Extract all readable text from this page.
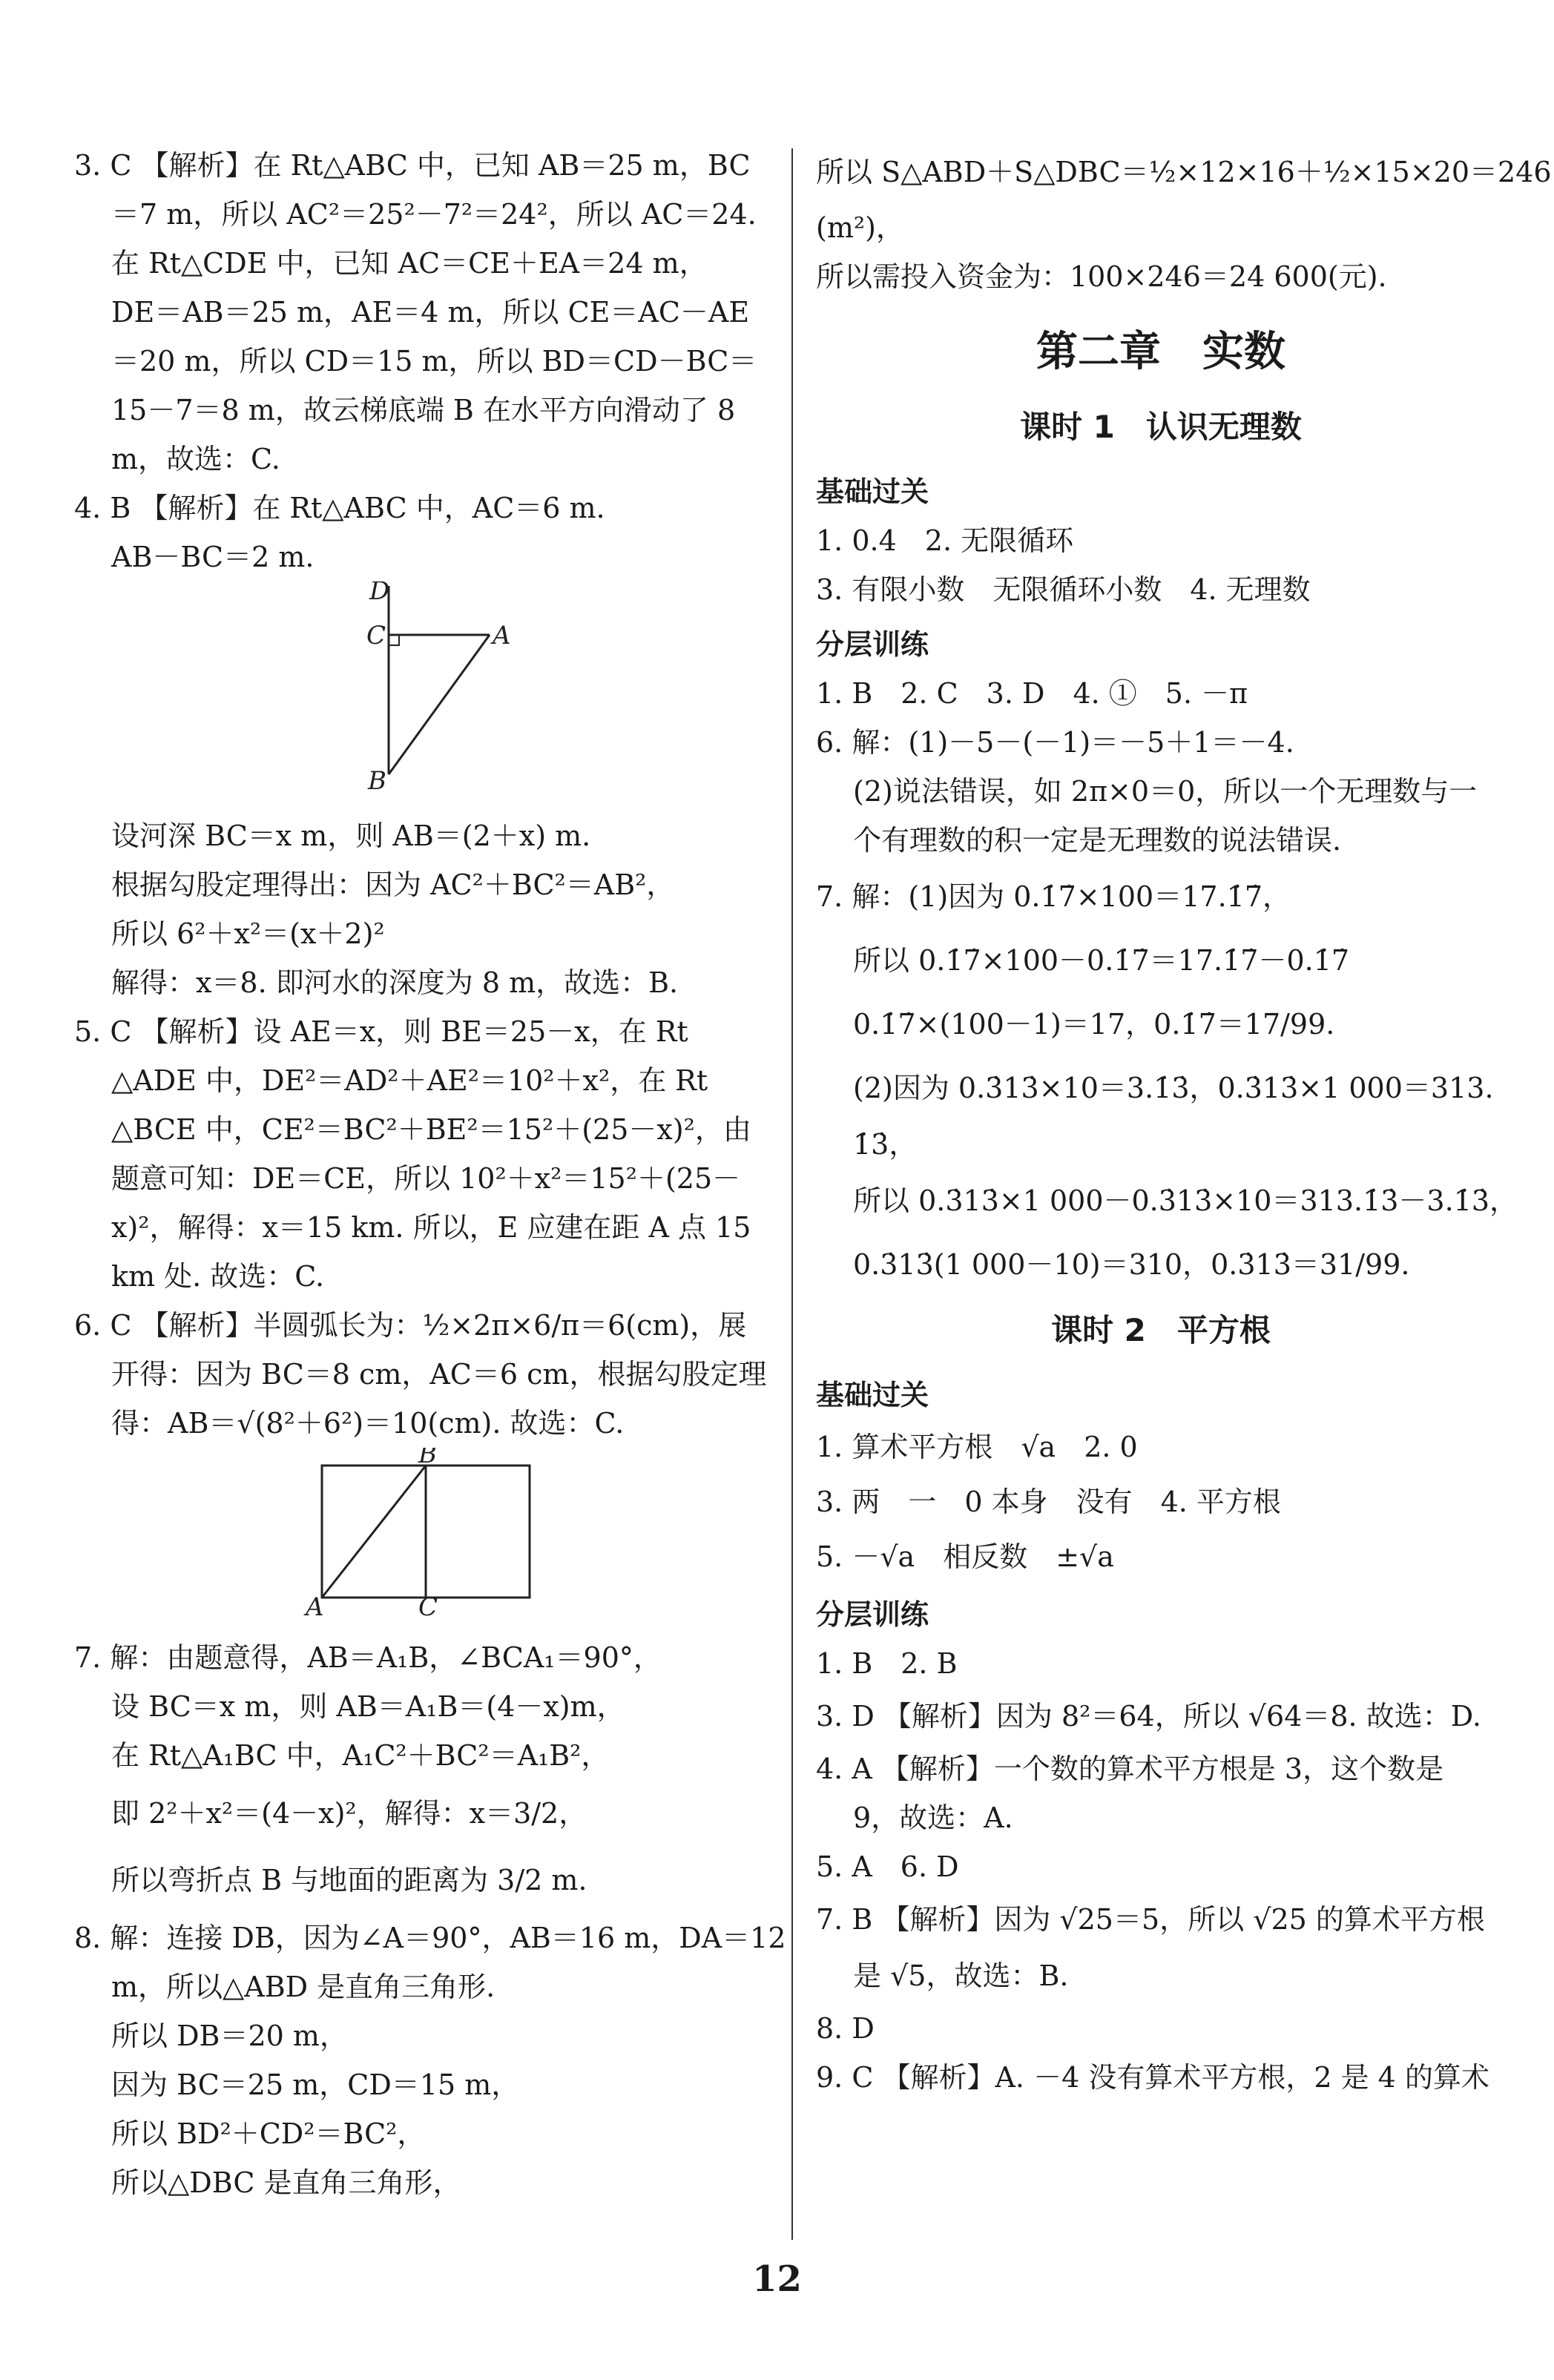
3. C 【解析】在 Rt△ABC 中，已知 AB＝25 m，BC
＝7 m，所以 AC²＝25²－7²＝24²，所以 AC＝24.
在 Rt△CDE 中，已知 AC＝CE＋EA＝24 m，
DE＝AB＝25 m，AE＝4 m，所以 CE＝AC－AE
＝20 m，所以 CD＝15 m，所以 BD＝CD－BC＝
15－7＝8 m，故云梯底端 B 在水平方向滑动了 8
m，故选：C.
4. B 【解析】在 Rt△ABC 中，AC＝6 m.
AB－BC＝2 m.
D
C	A
B
设河深 BC＝x m，则 AB＝(2＋x) m.
根据勾股定理得出：因为 AC²＋BC²＝AB²，
所以 6²＋x²＝(x＋2)²
解得：x＝8. 即河水的深度为 8 m，故选：B.
5. C 【解析】设 AE＝x，则 BE＝25－x，在 Rt
△ADE 中，DE²＝AD²＋AE²＝10²＋x²，在 Rt
△BCE 中，CE²＝BC²＋BE²＝15²＋(25－x)²，由
题意可知：DE＝CE，所以 10²＋x²＝15²＋(25－
x)²，解得：x＝15 km. 所以，E 应建在距 A 点 15
km 处. 故选：C.
6. C 【解析】半圆弧长为：½×2π×6/π＝6(cm)，展
开得：因为 BC＝8 cm，AC＝6 cm，根据勾股定理
得：AB＝√(8²＋6²)＝10(cm). 故选：C.
B
A	C
7. 解：由题意得，AB＝A₁B，∠BCA₁＝90°，
设 BC＝x m，则 AB＝A₁B＝(4－x)m，
在 Rt△A₁BC 中，A₁C²＋BC²＝A₁B²，
即 2²＋x²＝(4－x)²，解得：x＝3/2，
所以弯折点 B 与地面的距离为 3/2 m.
8. 解：连接 DB，因为∠A＝90°，AB＝16 m，DA＝12
m，所以△ABD 是直角三角形.
所以 DB＝20 m，
因为 BC＝25 m，CD＝15 m，
所以 BD²＋CD²＝BC²，
所以△DBC 是直角三角形，
所以 S△ABD＋S△DBC＝½×12×16＋½×15×20＝246
(m²)，
所以需投入资金为：100×246＝24 600(元).
第二章　实数
课时 1　认识无理数
基础过关
1. 0.4　2. 无限循环
3. 有限小数　无限循环小数　4. 无理数
分层训练
1. B　2. C　3. D　4. ①　5. －π
6. 解：(1)－5－(－1)＝－5＋1＝－4.
(2)说法错误，如 2π×0＝0，所以一个无理数与一
个有理数的积一定是无理数的说法错误.
7. 解：(1)因为 0.1̇7̇×100＝17.1̇7̇，
所以 0.1̇7̇×100－0.1̇7̇＝17.1̇7̇－0.1̇7̇
0.1̇7̇×(100－1)＝17，0.1̇7̇＝17/99.
(2)因为 0.3̇13̇×10＝3.1̇3̇，0.3̇13̇×1 000＝313.
1̇3̇，
所以 0.3̇13̇×1 000－0.3̇13̇×10＝313.1̇3̇－3.1̇3̇，
0.3̇13̇(1 000－10)＝310，0.3̇13̇＝31/99.
课时 2　平方根
基础过关
1. 算术平方根　√a　2. 0
3. 两　一　0 本身　没有　4. 平方根
5. －√a　相反数　±√a
分层训练
1. B　2. B
3. D 【解析】因为 8²＝64，所以 √64＝8. 故选：D.
4. A 【解析】一个数的算术平方根是 3，这个数是
9，故选：A.
5. A　6. D
7. B 【解析】因为 √25＝5，所以 √25 的算术平方根
是 √5，故选：B.
8. D
9. C 【解析】A. －4 没有算术平方根，2 是 4 的算术
12
